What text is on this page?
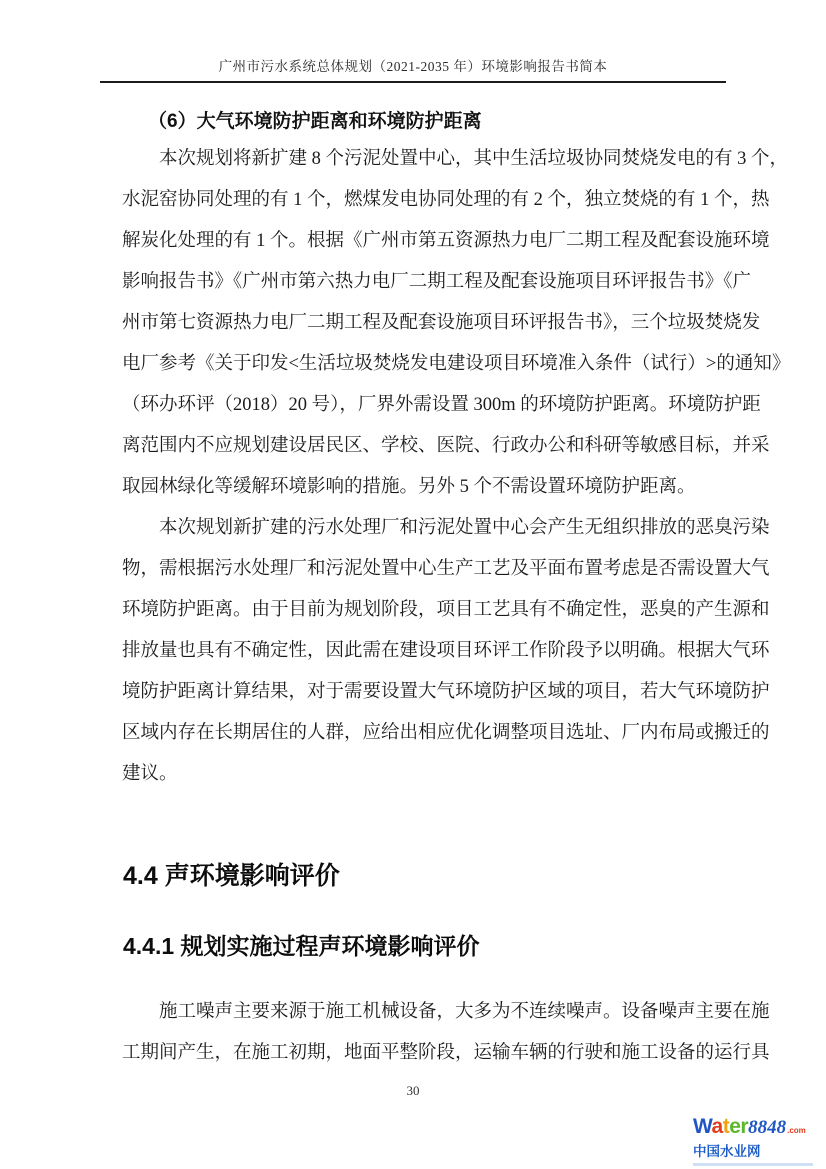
广州市污水系统总体规划（2021-2035 年）环境影响报告书简本
（6）大气环境防护距离和环境防护距离
本次规划将新扩建 8 个污泥处置中心，其中生活垃圾协同焚烧发电的有 3 个，
水泥窑协同处理的有 1 个，燃煤发电协同处理的有 2 个，独立焚烧的有 1 个，热
解炭化处理的有 1 个。根据《广州市第五资源热力电厂二期工程及配套设施环境
影响报告书》《广州市第六热力电厂二期工程及配套设施项目环评报告书》《广
州市第七资源热力电厂二期工程及配套设施项目环评报告书》，三个垃圾焚烧发
电厂参考《关于印发<生活垃圾焚烧发电建设项目环境准入条件（试行）>的通知》
（环办环评（2018）20 号），厂界外需设置 300m 的环境防护距离。环境防护距
离范围内不应规划建设居民区、学校、医院、行政办公和科研等敏感目标，并采
取园林绿化等缓解环境影响的措施。另外 5 个不需设置环境防护距离。
本次规划新扩建的污水处理厂和污泥处置中心会产生无组织排放的恶臭污染
物，需根据污水处理厂和污泥处置中心生产工艺及平面布置考虑是否需设置大气
环境防护距离。由于目前为规划阶段，项目工艺具有不确定性，恶臭的产生源和
排放量也具有不确定性，因此需在建设项目环评工作阶段予以明确。根据大气环
境防护距离计算结果，对于需要设置大气环境防护区域的项目，若大气环境防护
区域内存在长期居住的人群，应给出相应优化调整项目选址、厂内布局或搬迁的
建议。
4.4 声环境影响评价
4.4.1 规划实施过程声环境影响评价
施工噪声主要来源于施工机械设备，大多为不连续噪声。设备噪声主要在施
工期间产生，在施工初期，地面平整阶段，运输车辆的行驶和施工设备的运行具
30
Water 8848 .com
中国水业网
